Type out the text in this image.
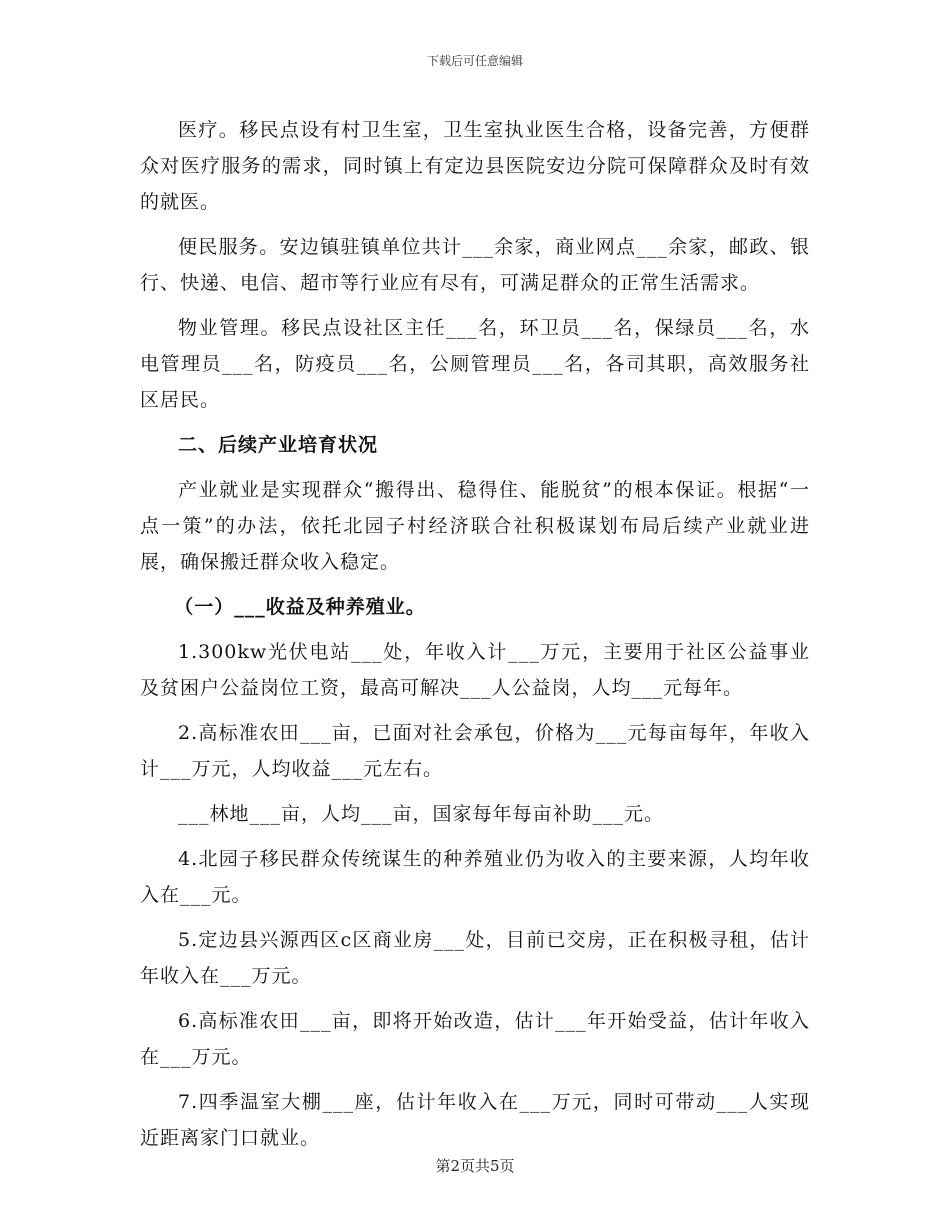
下载后可任意编辑

医疗。移民点设有村卫生室，卫生室执业医生合格，设备完善，方便群众对医疗服务的需求，同时镇上有定边县医院安边分院可保障群众及时有效的就医。

便民服务。安边镇驻镇单位共计___余家，商业网点___余家，邮政、银行、快递、电信、超市等行业应有尽有，可满足群众的正常生活需求。

物业管理。移民点设社区主任___名，环卫员___名，保绿员___名，水电管理员___名，防疫员___名，公厕管理员___名，各司其职，高效服务社区居民。

二、后续产业培育状况

产业就业是实现群众“搬得出、稳得住、能脱贫”的根本保证。根据“一点一策”的办法，依托北园子村经济联合社积极谋划布局后续产业就业进展，确保搬迁群众收入稳定。

（一）___收益及种养殖业。

1.300kw光伏电站___处，年收入计___万元，主要用于社区公益事业及贫困户公益岗位工资，最高可解决___人公益岗，人均___元每年。

2.高标准农田___亩，已面对社会承包，价格为___元每亩每年，年收入计___万元，人均收益___元左右。

___林地___亩，人均___亩，国家每年每亩补助___元。

4.北园子移民群众传统谋生的种养殖业仍为收入的主要来源，人均年收入在___元。

5.定边县兴源西区c区商业房___处，目前已交房，正在积极寻租，估计年收入在___万元。

6.高标准农田___亩，即将开始改造，估计___年开始受益，估计年收入在___万元。

7.四季温室大棚___座，估计年收入在___万元，同时可带动___人实现近距离家门口就业。

第2页共5页
